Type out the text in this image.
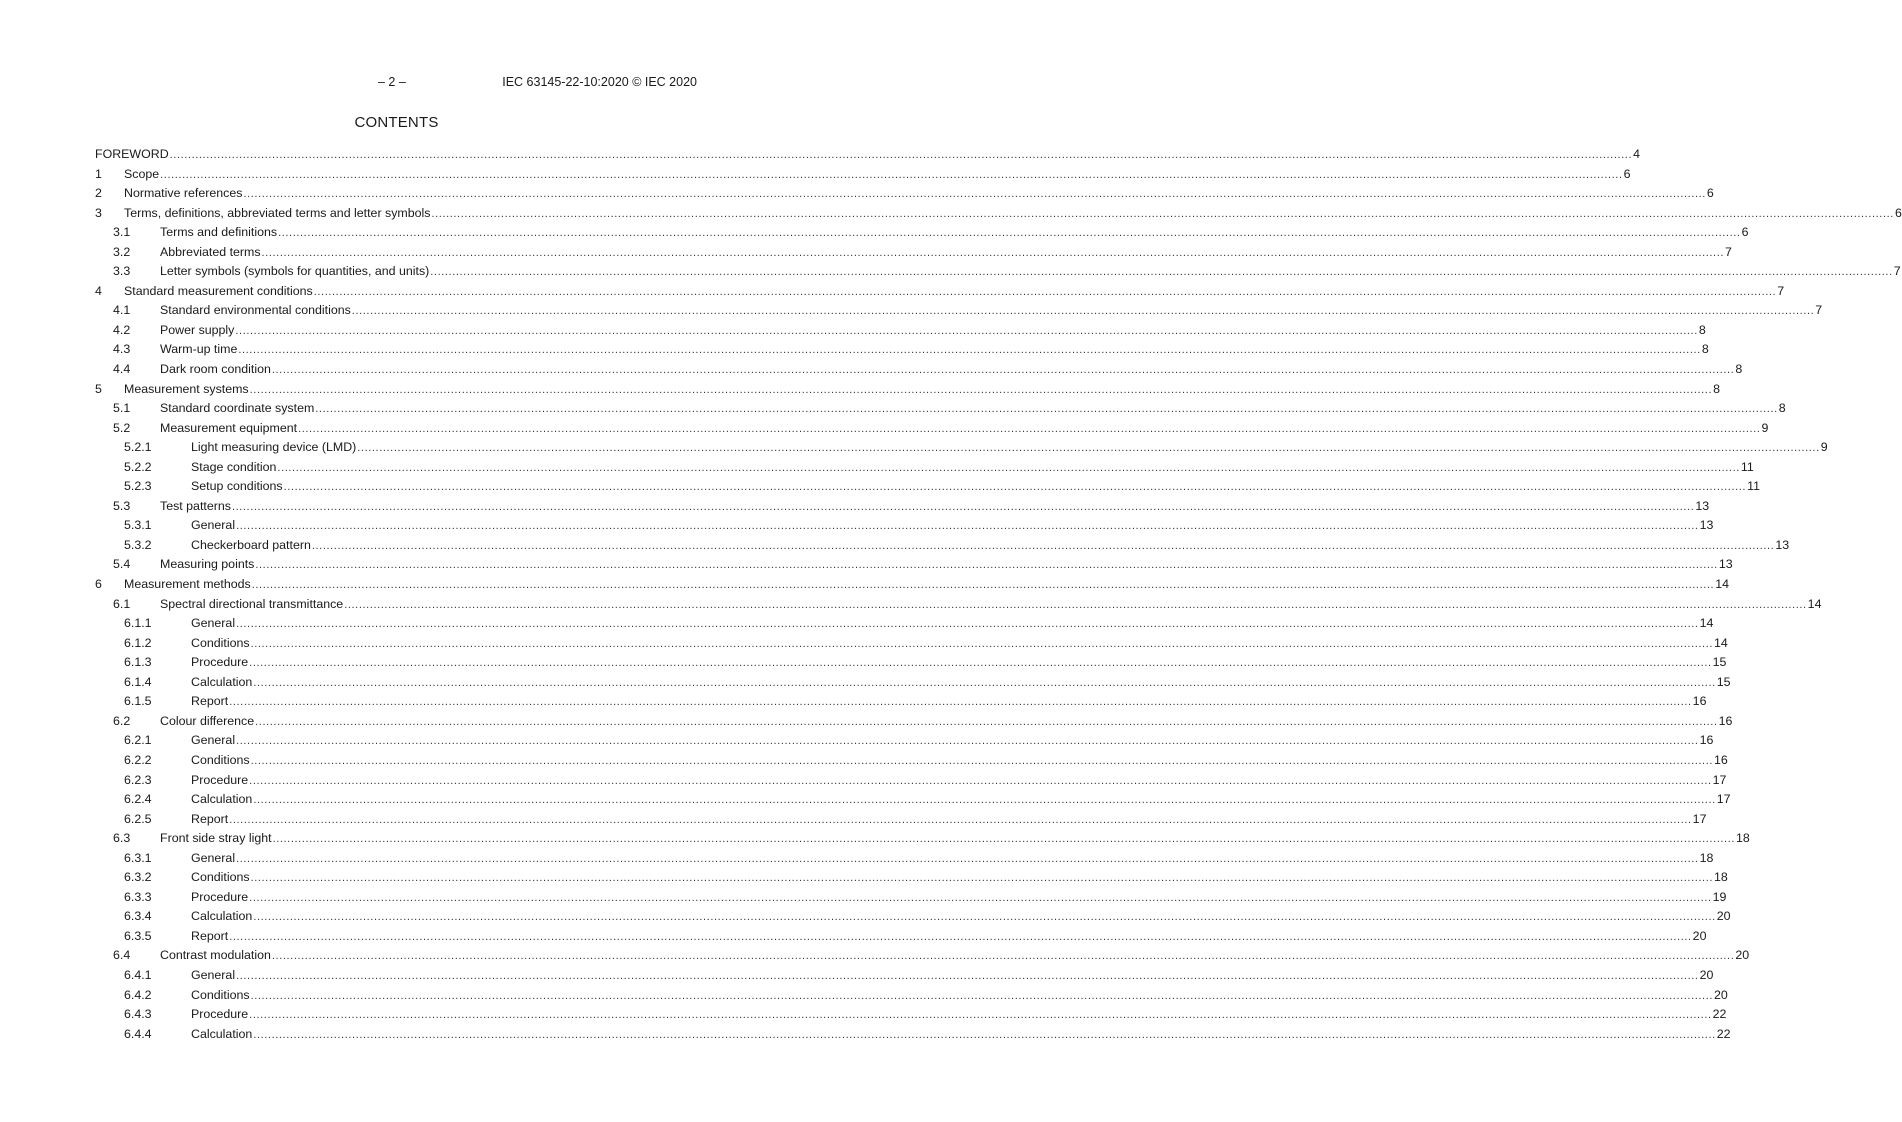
– 2 –	IEC 63145-22-10:2020 © IEC 2020
CONTENTS
FOREWORD ................................................................................................................................................................................................................................................................................................................................................................................................................ 4
1 Scope ................................................................................................................................................................................................................................................................................................................................................................................................................ 6
2 Normative references ................................................................................................................................................................................................................................................................................................................................................................................................................ 6
3 Terms, definitions, abbreviated terms and letter symbols ................................................................................................................................................................................................................................................................................................................................................................................................................ 6
3.1 Terms and definitions ................................................................................................................................................................................................................................................................................................................................................................................................................ 6
3.2 Abbreviated terms ................................................................................................................................................................................................................................................................................................................................................................................................................ 7
3.3 Letter symbols (symbols for quantities, and units) ................................................................................................................................................................................................................................................................................................................................................................................................................ 7
4 Standard measurement conditions ................................................................................................................................................................................................................................................................................................................................................................................................................ 7
4.1 Standard environmental conditions ................................................................................................................................................................................................................................................................................................................................................................................................................ 7
4.2 Power supply ................................................................................................................................................................................................................................................................................................................................................................................................................ 8
4.3 Warm-up time ................................................................................................................................................................................................................................................................................................................................................................................................................ 8
4.4 Dark room condition ................................................................................................................................................................................................................................................................................................................................................................................................................ 8
5 Measurement systems ................................................................................................................................................................................................................................................................................................................................................................................................................ 8
5.1 Standard coordinate system ................................................................................................................................................................................................................................................................................................................................................................................................................ 8
5.2 Measurement equipment ................................................................................................................................................................................................................................................................................................................................................................................................................ 9
5.2.1	Light measuring device (LMD) ................................................................................................................................................................................................................................................................................................................................................................................................................ 9
5.2.2	Stage condition ................................................................................................................................................................................................................................................................................................................................................................................................................ 11
5.2.3	Setup conditions ................................................................................................................................................................................................................................................................................................................................................................................................................ 11
5.3 Test patterns ................................................................................................................................................................................................................................................................................................................................................................................................................ 13
5.3.1	General ................................................................................................................................................................................................................................................................................................................................................................................................................ 13
5.3.2	Checkerboard pattern ................................................................................................................................................................................................................................................................................................................................................................................................................ 13
5.4 Measuring points ................................................................................................................................................................................................................................................................................................................................................................................................................ 13
6 Measurement methods ................................................................................................................................................................................................................................................................................................................................................................................................................ 14
6.1 Spectral directional transmittance ................................................................................................................................................................................................................................................................................................................................................................................................................ 14
6.1.1	General ................................................................................................................................................................................................................................................................................................................................................................................................................ 14
6.1.2	Conditions ................................................................................................................................................................................................................................................................................................................................................................................................................ 14
6.1.3	Procedure ................................................................................................................................................................................................................................................................................................................................................................................................................ 15
6.1.4	Calculation ................................................................................................................................................................................................................................................................................................................................................................................................................ 15
6.1.5	Report ................................................................................................................................................................................................................................................................................................................................................................................................................ 16
6.2 Colour difference ................................................................................................................................................................................................................................................................................................................................................................................................................ 16
6.2.1	General ................................................................................................................................................................................................................................................................................................................................................................................................................ 16
6.2.2	Conditions ................................................................................................................................................................................................................................................................................................................................................................................................................ 16
6.2.3	Procedure ................................................................................................................................................................................................................................................................................................................................................................................................................ 17
6.2.4	Calculation ................................................................................................................................................................................................................................................................................................................................................................................................................ 17
6.2.5	Report ................................................................................................................................................................................................................................................................................................................................................................................................................ 17
6.3 Front side stray light ................................................................................................................................................................................................................................................................................................................................................................................................................ 18
6.3.1	General ................................................................................................................................................................................................................................................................................................................................................................................................................ 18
6.3.2	Conditions ................................................................................................................................................................................................................................................................................................................................................................................................................ 18
6.3.3	Procedure ................................................................................................................................................................................................................................................................................................................................................................................................................ 19
6.3.4	Calculation ................................................................................................................................................................................................................................................................................................................................................................................................................ 20
6.3.5	Report ................................................................................................................................................................................................................................................................................................................................................................................................................ 20
6.4 Contrast modulation ................................................................................................................................................................................................................................................................................................................................................................................................................ 20
6.4.1	General ................................................................................................................................................................................................................................................................................................................................................................................................................ 20
6.4.2	Conditions ................................................................................................................................................................................................................................................................................................................................................................................................................ 20
6.4.3	Procedure ................................................................................................................................................................................................................................................................................................................................................................................................................ 22
6.4.4	Calculation ................................................................................................................................................................................................................................................................................................................................................................................................................ 22
